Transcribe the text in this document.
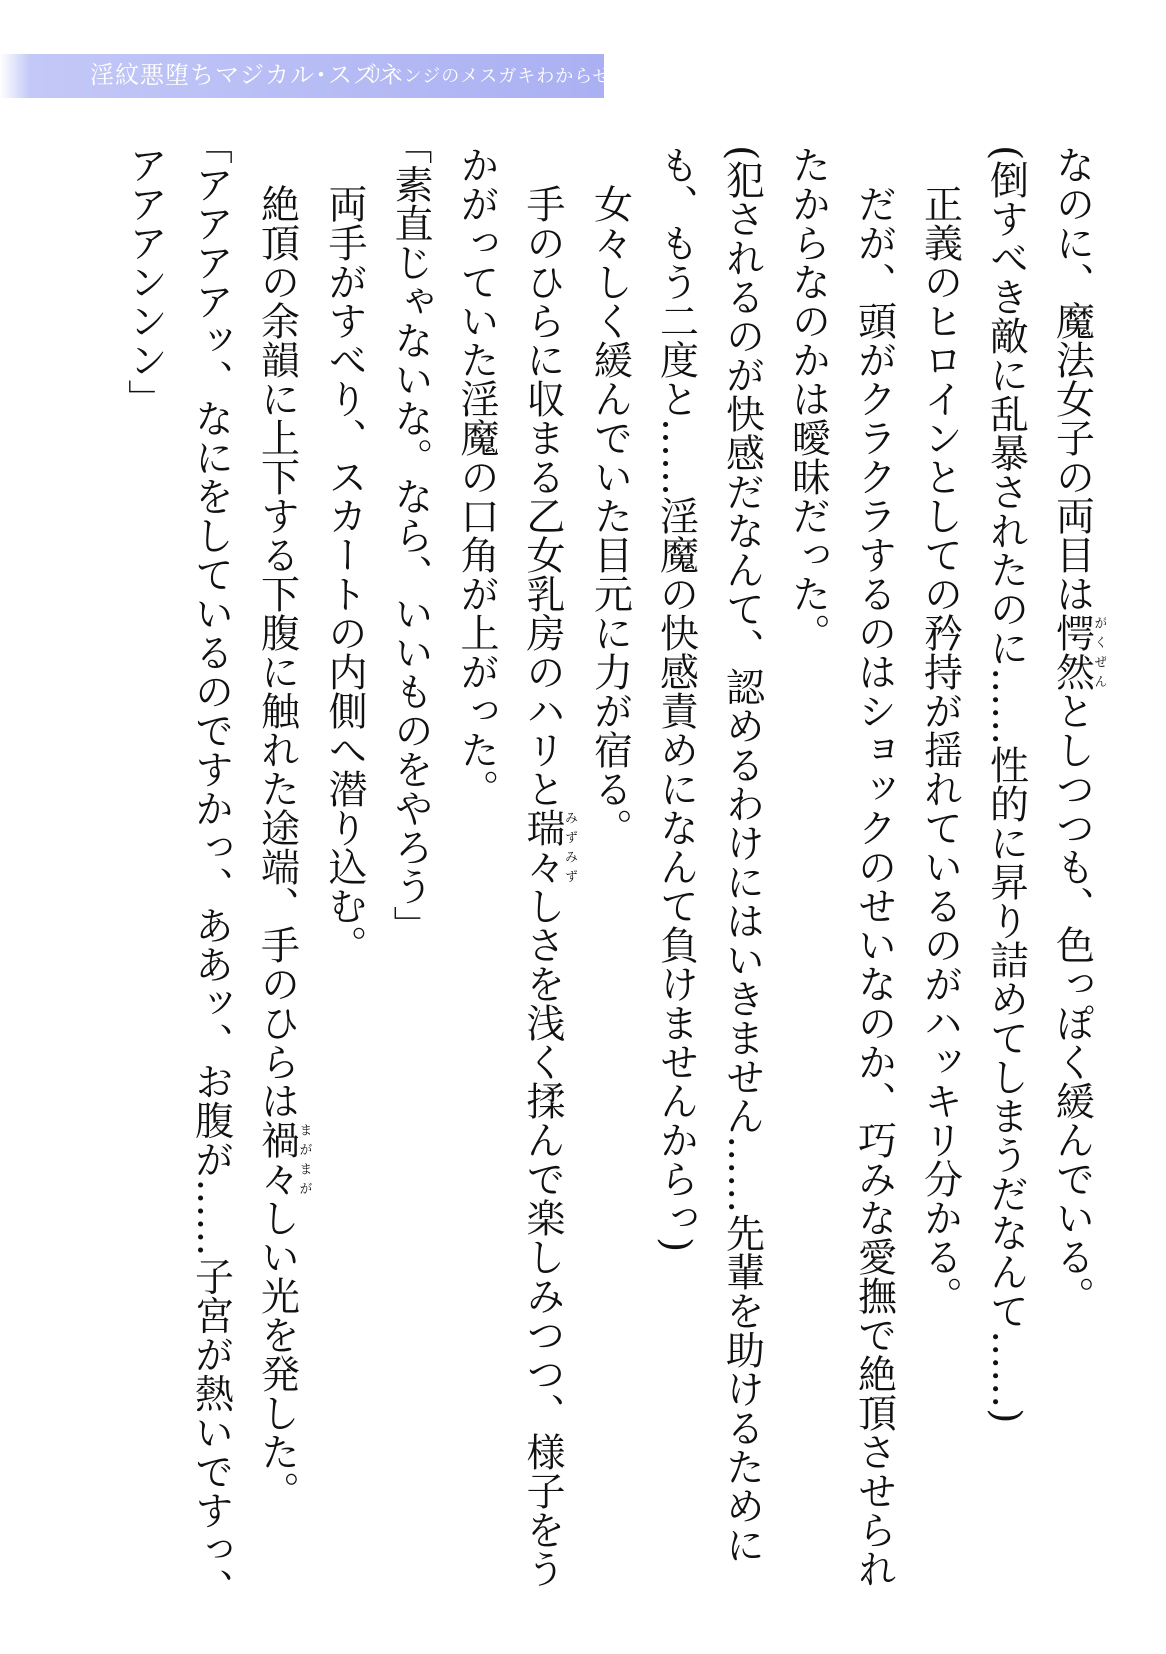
淫紋悪堕ちマジカル･スズネ
リベンジのメスガキわからせ

なのに、魔法女子の両目は愕然がくぜんとしつつも、色っぽく緩んでいる。

(倒すべき敵に乱暴されたのに……性的に昇り詰めてしまうだなんて……)

正義のヒロインとしての矜持が揺れているのがハッキリ分かる。

だが、頭がクラクラするのはショックのせいなのか、巧みな愛撫で絶頂させられたからなのかは曖昧だった。

(犯されるのが快感だなんて、認めるわけにはいきません……先輩を助けるためにも、もう二度と……淫魔の快感責めになんて負けませんからっ)

女々しく緩んでいた目元に力が宿る。

手のひらに収まる乙女乳房のハリと瑞々みずみずしさを浅く揉んで楽しみつつ、様子をうかがっていた淫魔の口角が上がった。

｢素直じゃないな。なら、いいものをやろう｣

両手がすべり、スカートの内側へ潜り込む。

絶頂の余韻に上下する下腹に触れた途端、手のひらは禍々まがまがしい光を発した。

｢アアアアッ、なにをしているのですかっ、ああッ、お腹が……子宮が熱いですっ、アアアンンン｣
